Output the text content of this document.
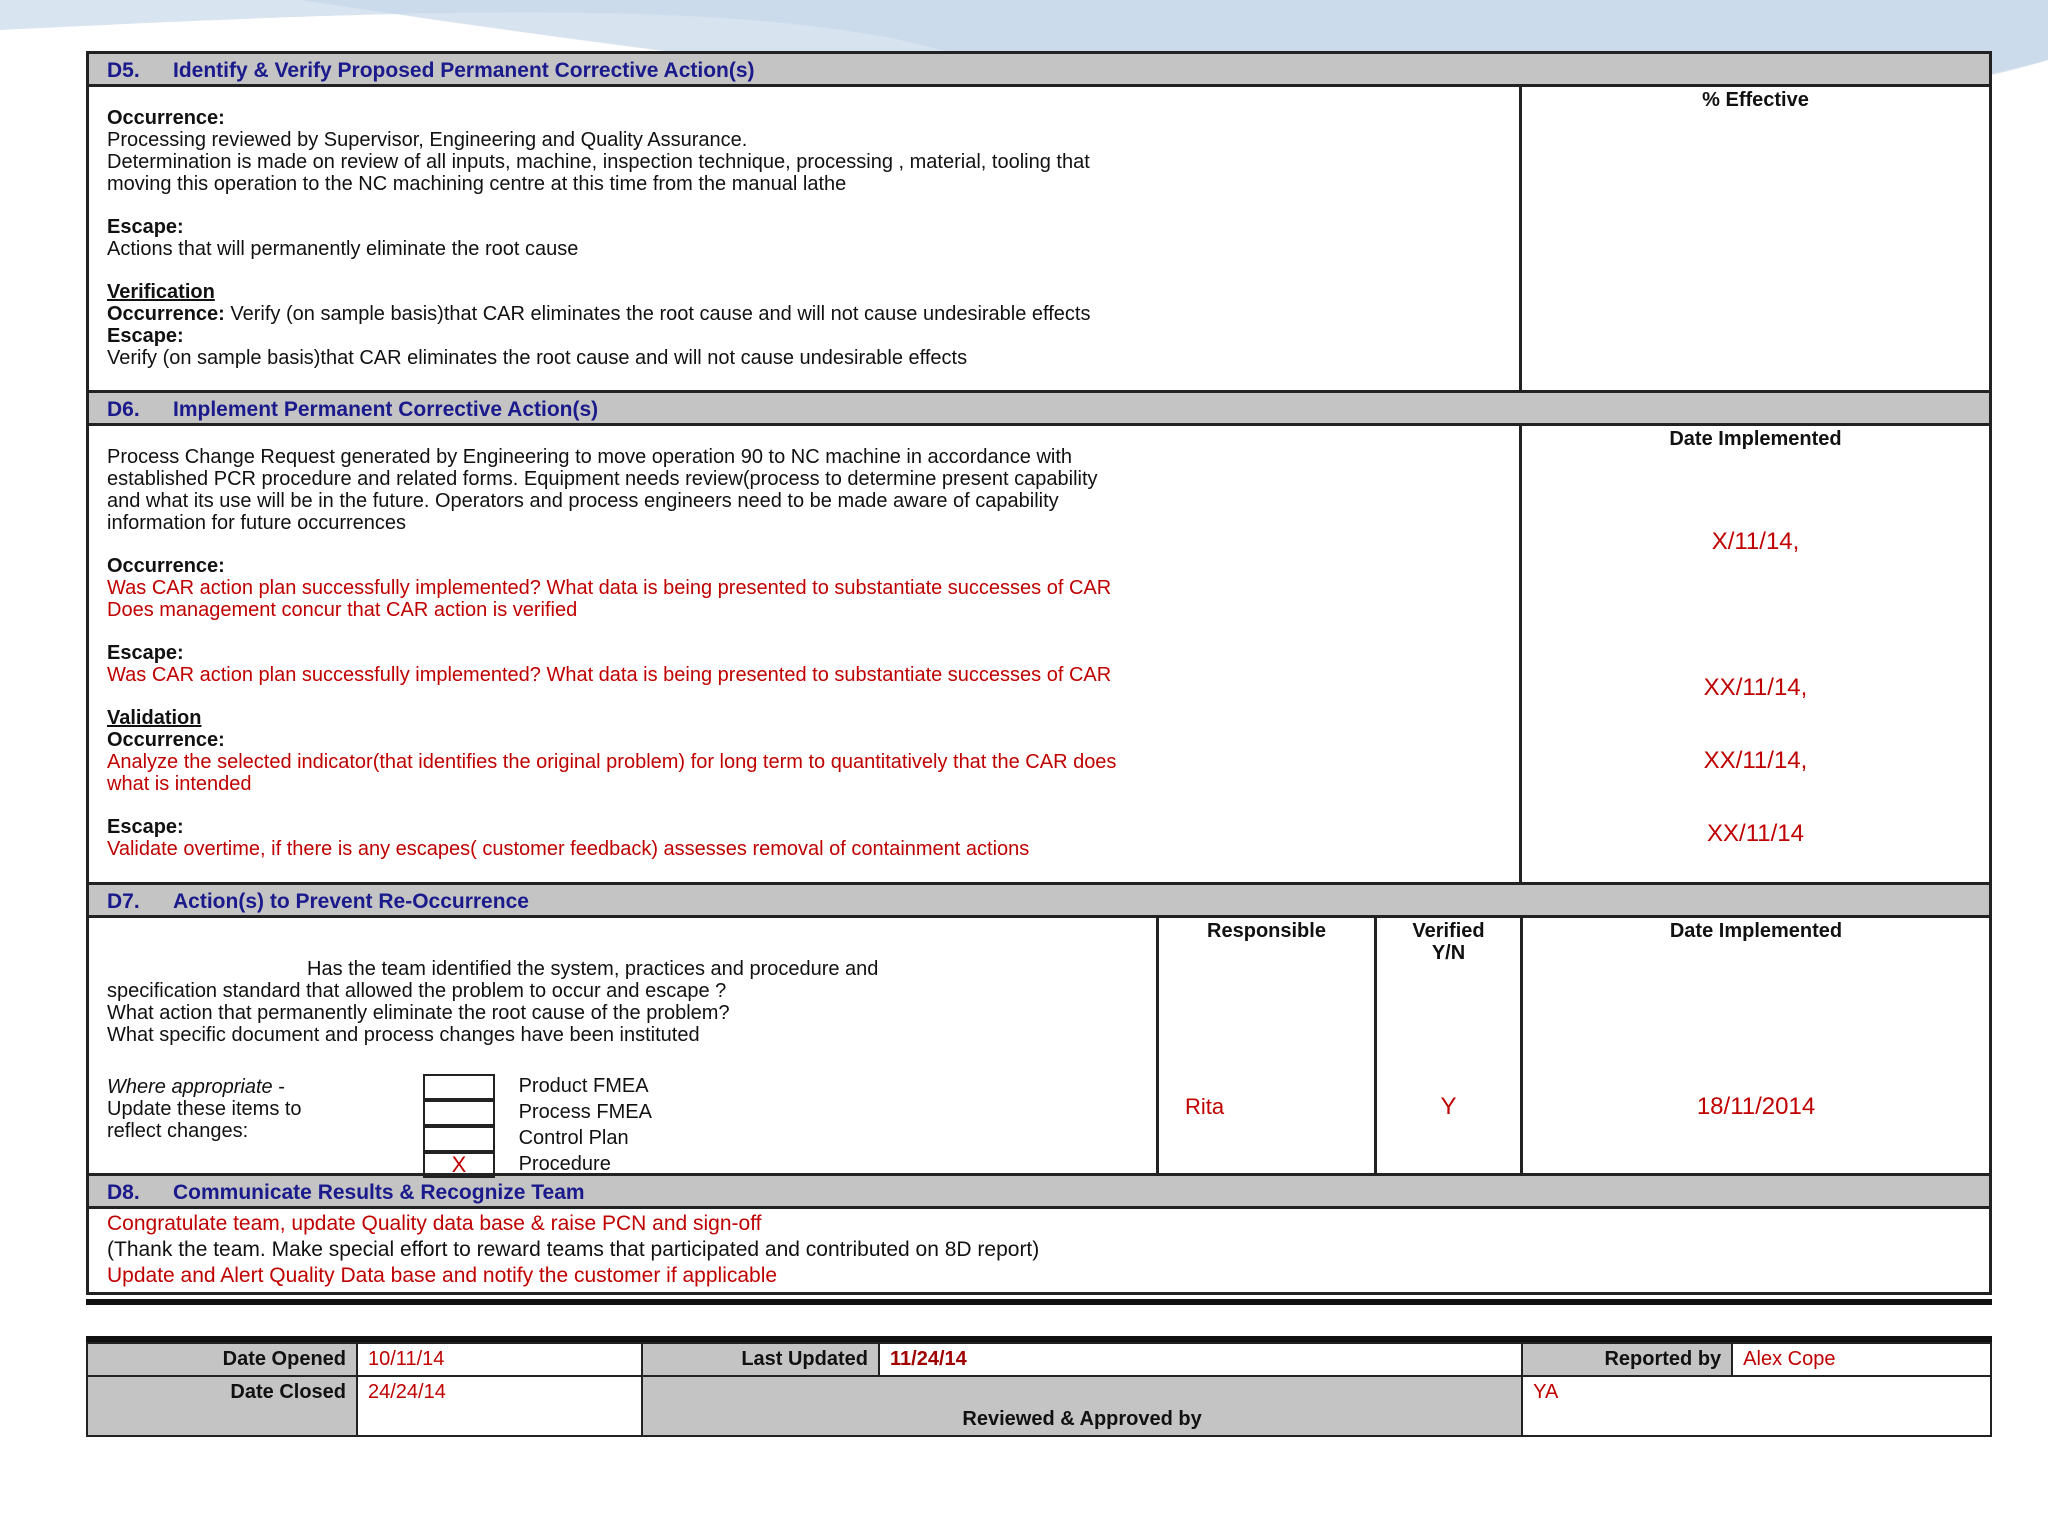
D5. Identify & Verify Proposed Permanent Corrective Action(s)
Occurrence:
Processing reviewed by Supervisor, Engineering and Quality Assurance.
Determination is made on review of all inputs, machine, inspection technique, processing , material, tooling that
moving this operation to the NC machining centre at this time from the manual lathe
Escape:
Actions that will permanently eliminate the root cause
Verification
Occurrence: Verify (on sample basis)that CAR eliminates the root cause and will not cause undesirable effects
Escape:
Verify (on sample basis)that CAR eliminates the root cause and will not cause undesirable effects
% Effective
D6. Implement Permanent Corrective Action(s)
Process Change Request generated by Engineering to move operation 90 to NC machine in accordance with
established PCR procedure and related forms. Equipment needs review(process to determine present capability
and what its use will be in the future. Operators and process engineers need to be made aware of capability
information for future occurrences
Occurrence:
Was CAR action plan successfully implemented? What data is being presented to substantiate successes of CAR
Does management concur that CAR action is verified
Escape:
Was CAR action plan successfully implemented? What data is being presented to substantiate successes of CAR
Validation
Occurrence:
Analyze the selected indicator(that identifies the original problem) for long term to quantitatively that the CAR does
what is intended
Escape:
Validate overtime, if there is any escapes( customer feedback) assesses removal of containment actions
Date Implemented
X/11/14,
XX/11/14,
XX/11/14,
XX/11/14
D7. Action(s) to Prevent Re-Occurrence
Has the team identified the system, practices and procedure and
specification standard that allowed the problem to occur and escape ?
What action that permanently eliminate the root cause of the problem?
What specific document and process changes have been instituted
Where appropriate -
Update these items to
reflect changes:
Product FMEA
Process FMEA
Control Plan
X	Procedure
Responsible
Rita
Verified
Y/N
Y
Date Implemented
18/11/2014
D8. Communicate Results & Recognize Team
Congratulate team, update Quality data base & raise PCN and sign-off
(Thank the team. Make special effort to reward teams that participated and contributed on 8D report)
Update and Alert Quality Data base and notify the customer if applicable
Date Opened	10/11/14	Last Updated	11/24/14	Reported by	Alex Cope
Date Closed	24/24/14	Reviewed & Approved by		YA	
